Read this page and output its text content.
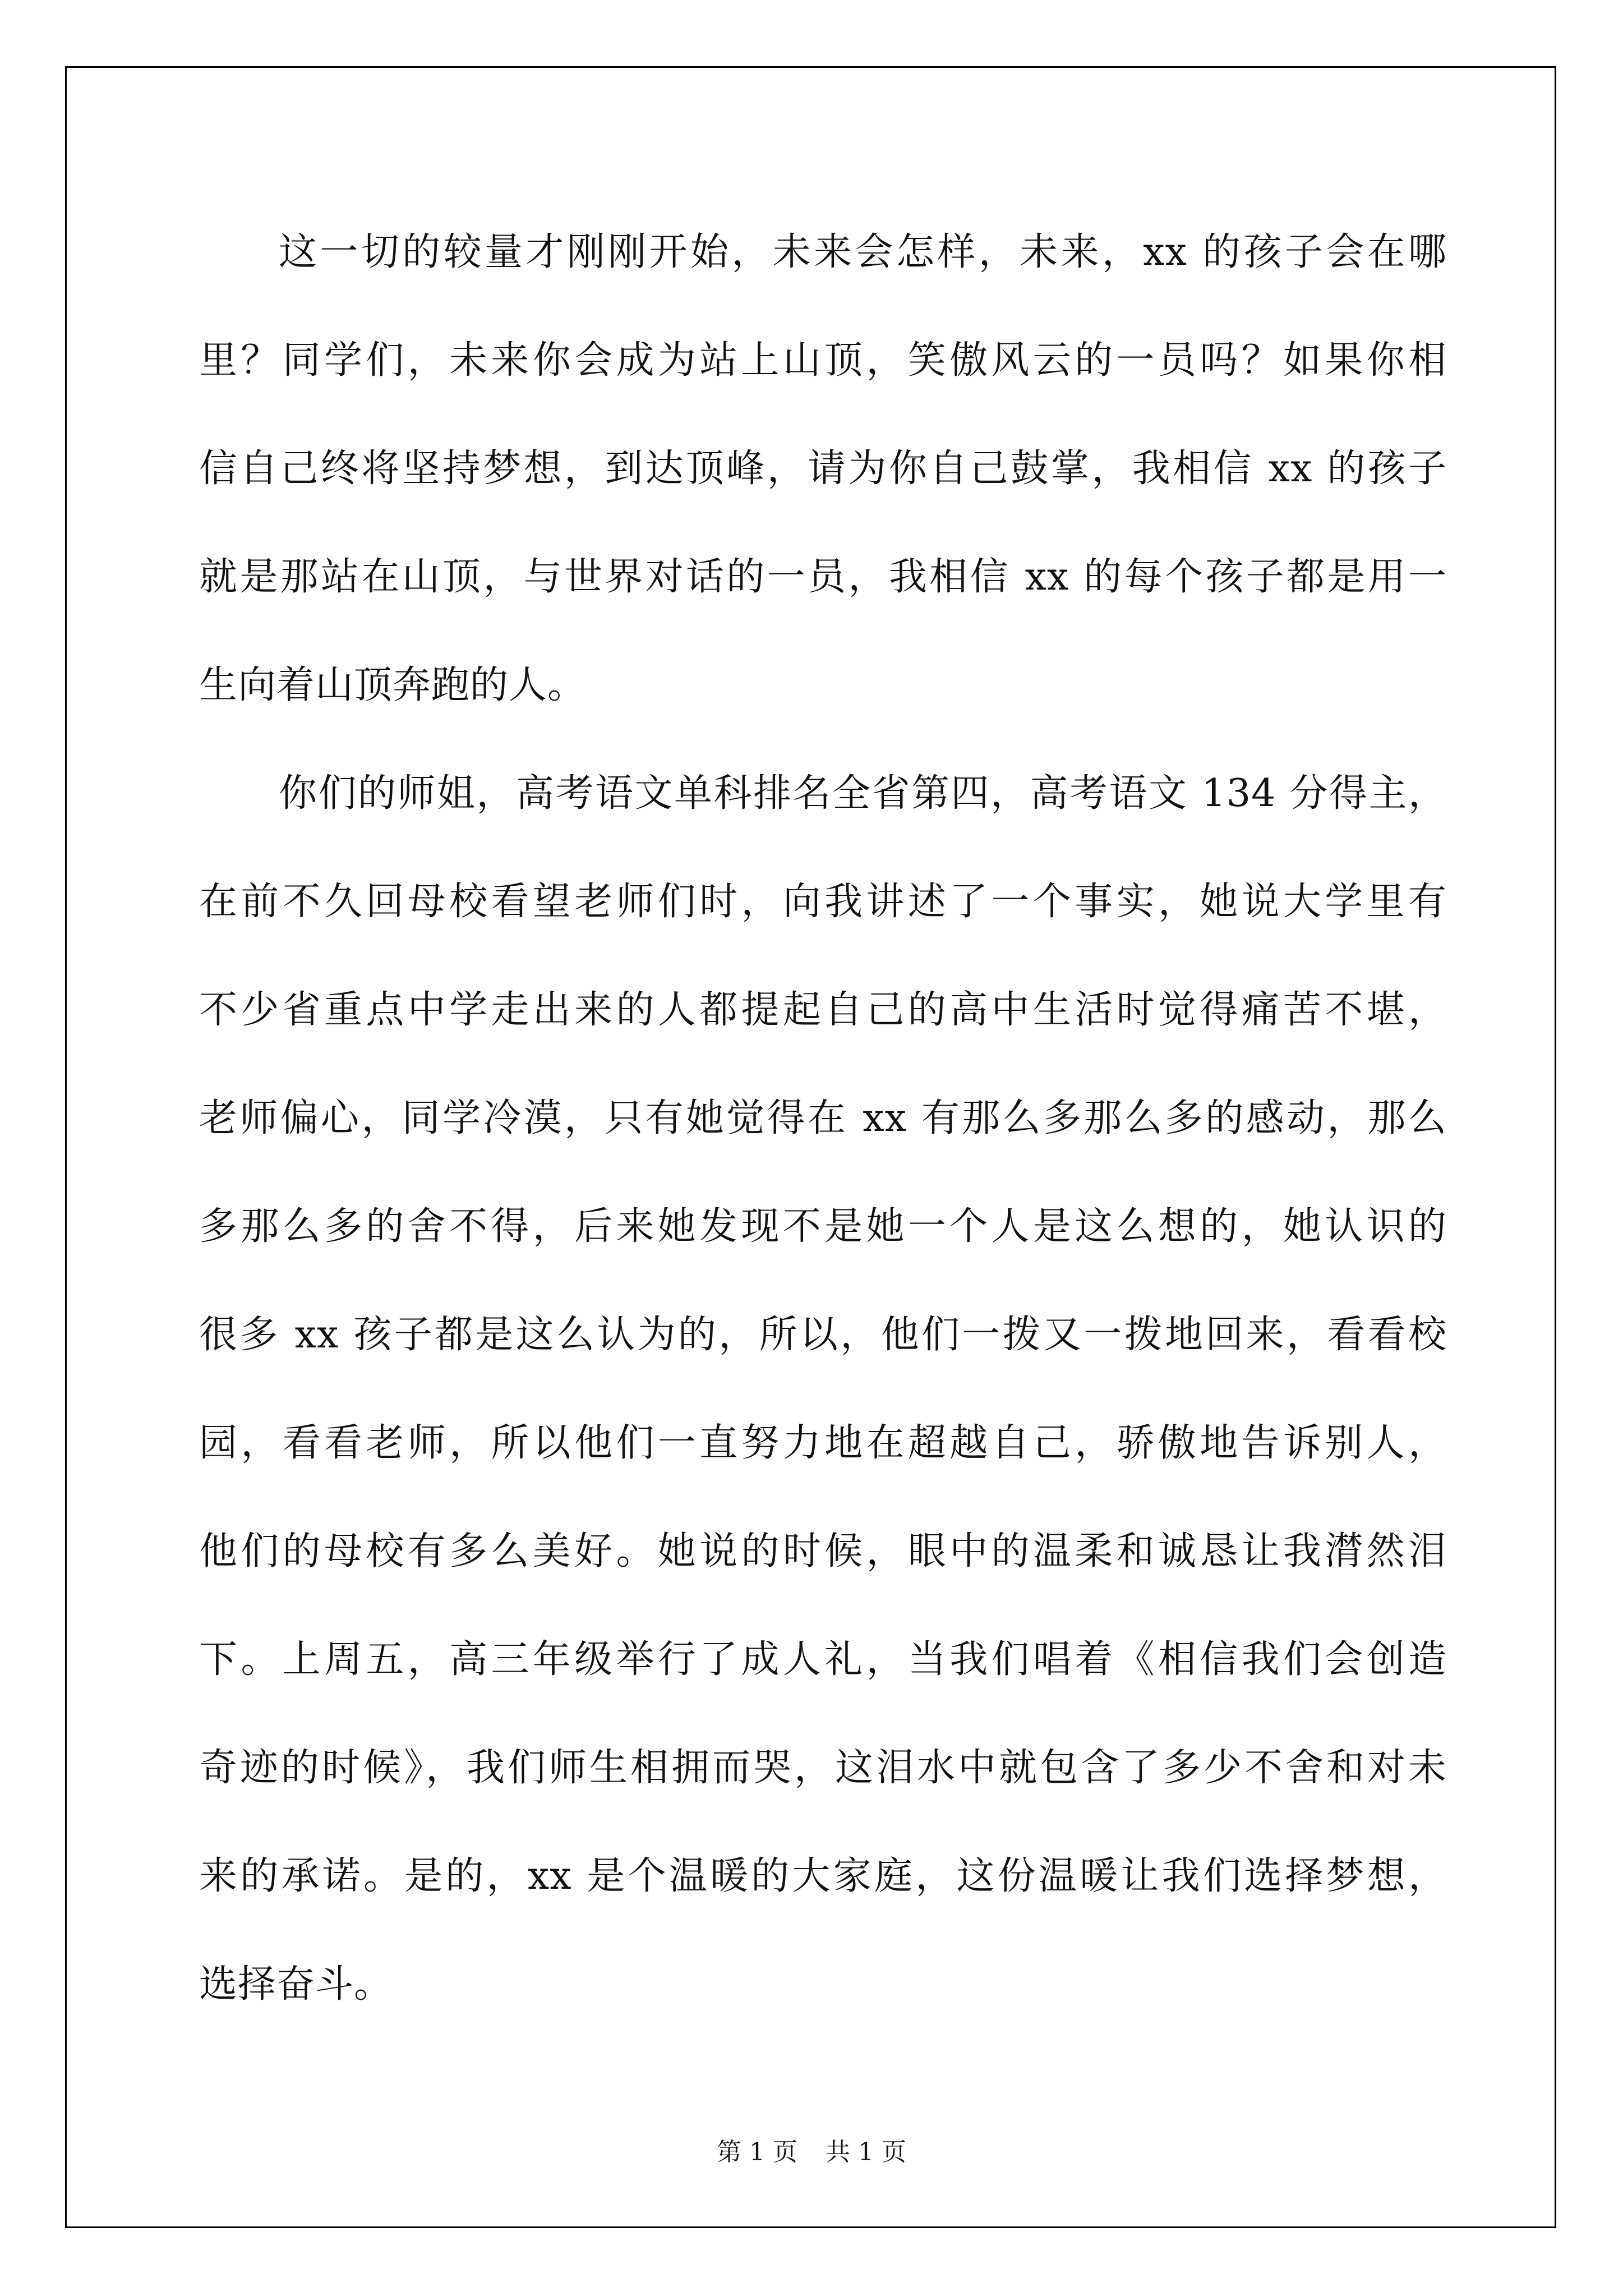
这一切的较量才刚刚开始，未来会怎样，未来，xx 的孩子会在哪
里？同学们，未来你会成为站上山顶，笑傲风云的一员吗？如果你相
信自己终将坚持梦想，到达顶峰，请为你自己鼓掌，我相信 xx 的孩子
就是那站在山顶，与世界对话的一员，我相信 xx 的每个孩子都是用一
生向着山顶奔跑的人。
你们的师姐，高考语文单科排名全省第四，高考语文 134 分得主，
在前不久回母校看望老师们时，向我讲述了一个事实，她说大学里有
不少省重点中学走出来的人都提起自己的高中生活时觉得痛苦不堪，
老师偏心，同学冷漠，只有她觉得在 xx 有那么多那么多的感动，那么
多那么多的舍不得，后来她发现不是她一个人是这么想的，她认识的
很多 xx 孩子都是这么认为的，所以，他们一拨又一拨地回来，看看校
园，看看老师，所以他们一直努力地在超越自己，骄傲地告诉别人，
他们的母校有多么美好。她说的时候，眼中的温柔和诚恳让我潸然泪
下。上周五，高三年级举行了成人礼，当我们唱着《相信我们会创造
奇迹的时候》，我们师生相拥而哭，这泪水中就包含了多少不舍和对未
来的承诺。是的，xx 是个温暖的大家庭，这份温暖让我们选择梦想，
选择奋斗。
第 1 页 共 1 页
